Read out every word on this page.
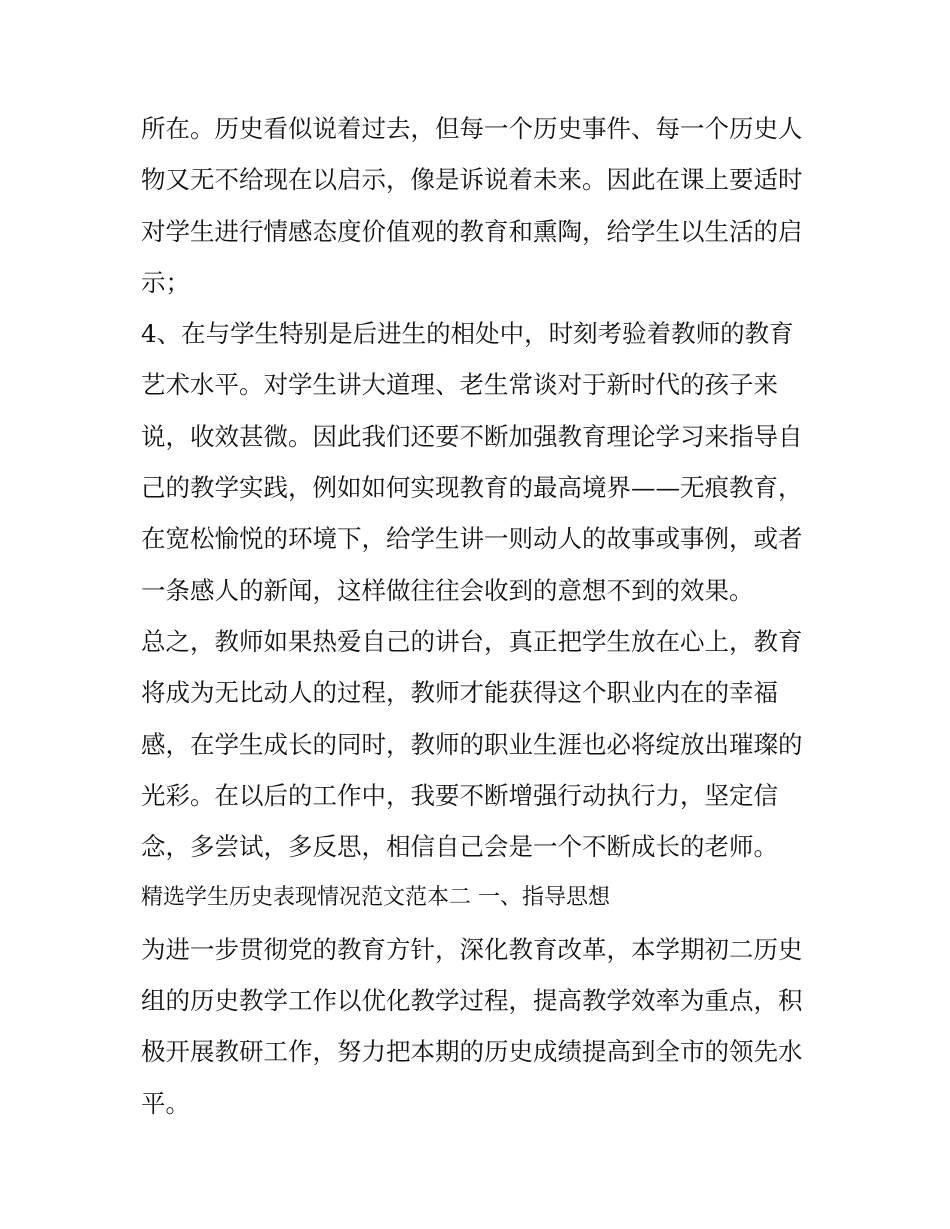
所在。历史看似说着过去，但每一个历史事件、每一个历史人
物又无不给现在以启示，像是诉说着未来。因此在课上要适时
对学生进行情感态度价值观的教育和熏陶，给学生以生活的启
示；
4、在与学生特别是后进生的相处中，时刻考验着教师的教育
艺术水平。对学生讲大道理、老生常谈对于新时代的孩子来
说，收效甚微。因此我们还要不断加强教育理论学习来指导自
己的教学实践，例如如何实现教育的最高境界——无痕教育，
在宽松愉悦的环境下，给学生讲一则动人的故事或事例，或者
一条感人的新闻，这样做往往会收到的意想不到的效果。
总之，教师如果热爱自己的讲台，真正把学生放在心上，教育
将成为无比动人的过程，教师才能获得这个职业内在的幸福
感，在学生成长的同时，教师的职业生涯也必将绽放出璀璨的
光彩。在以后的工作中，我要不断增强行动执行力，坚定信
念，多尝试，多反思，相信自己会是一个不断成长的老师。
精选学生历史表现情况范文范本二 一、指导思想
为进一步贯彻党的教育方针，深化教育改革，本学期初二历史
组的历史教学工作以优化教学过程，提高教学效率为重点，积
极开展教研工作，努力把本期的历史成绩提高到全市的领先水
平。
